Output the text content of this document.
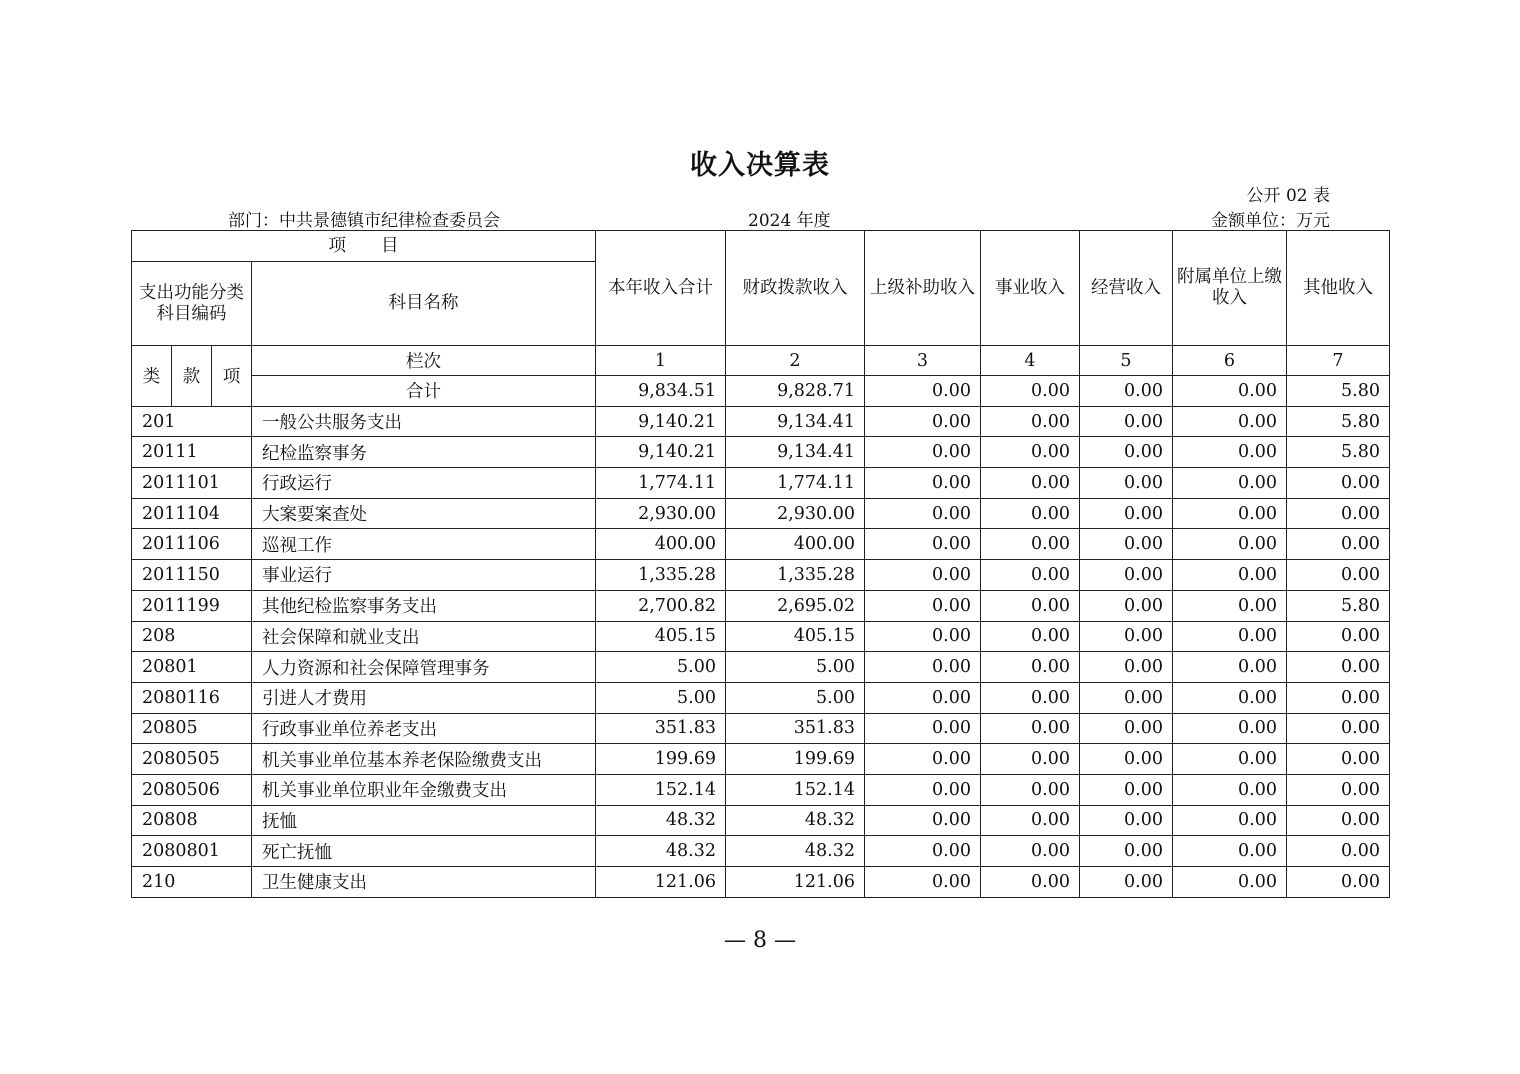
收入决算表
公开 02 表
部门：中共景德镇市纪律检查委员会	2024 年度	金额单位：万元
项　　目				本年收入合计	财政拨款收入	上级补助收入	事业收入	经营收入	附属单位上缴收入	其他收入
支出功能分类科目编码			科目名称							
类	款	项	栏次	1	2	3	4	5	6	7
			合计	9,834.51	9,828.71	0.00	0.00	0.00	0.00	5.80
201			一般公共服务支出	9,140.21	9,134.41	0.00	0.00	0.00	0.00	5.80
20111			纪检监察事务	9,140.21	9,134.41	0.00	0.00	0.00	0.00	5.80
2011101			行政运行	1,774.11	1,774.11	0.00	0.00	0.00	0.00	0.00
2011104			大案要案查处	2,930.00	2,930.00	0.00	0.00	0.00	0.00	0.00
2011106			巡视工作	400.00	400.00	0.00	0.00	0.00	0.00	0.00
2011150			事业运行	1,335.28	1,335.28	0.00	0.00	0.00	0.00	0.00
2011199			其他纪检监察事务支出	2,700.82	2,695.02	0.00	0.00	0.00	0.00	5.80
208			社会保障和就业支出	405.15	405.15	0.00	0.00	0.00	0.00	0.00
20801			人力资源和社会保障管理事务	5.00	5.00	0.00	0.00	0.00	0.00	0.00
2080116			引进人才费用	5.00	5.00	0.00	0.00	0.00	0.00	0.00
20805			行政事业单位养老支出	351.83	351.83	0.00	0.00	0.00	0.00	0.00
2080505			机关事业单位基本养老保险缴费支出	199.69	199.69	0.00	0.00	0.00	0.00	0.00
2080506			机关事业单位职业年金缴费支出	152.14	152.14	0.00	0.00	0.00	0.00	0.00
20808			抚恤	48.32	48.32	0.00	0.00	0.00	0.00	0.00
2080801			死亡抚恤	48.32	48.32	0.00	0.00	0.00	0.00	0.00
210			卫生健康支出	121.06	121.06	0.00	0.00	0.00	0.00	0.00
— 8 —
